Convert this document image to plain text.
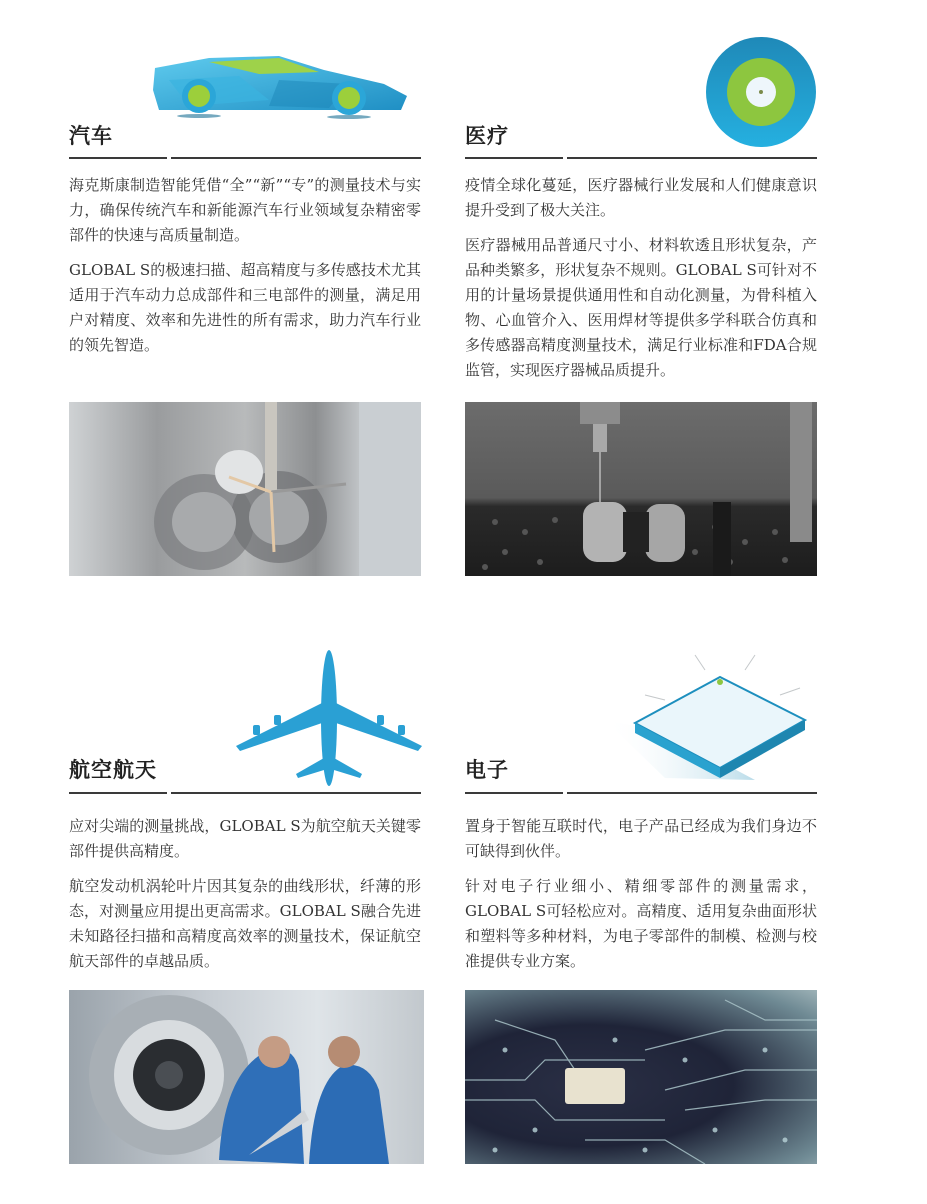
汽车

海克斯康制造智能凭借“全”“新”“专”的测量技术与实力，确保传统汽车和新能源汽车行业领域复杂精密零部件的快速与高质量制造。

GLOBAL S的极速扫描、超高精度与多传感技术尤其适用于汽车动力总成部件和三电部件的测量，满足用户对精度、效率和先进性的所有需求，助力汽车行业的领先智造。

医疗

疫情全球化蔓延，医疗器械行业发展和人们健康意识提升受到了极大关注。

医疗器械用品普通尺寸小、材料软透且形状复杂，产品种类繁多，形状复杂不规则。GLOBAL S可针对不用的计量场景提供通用性和自动化测量，为骨科植入物、心血管介入、医用焊材等提供多学科联合仿真和多传感器高精度测量技术，满足行业标准和FDA合规监管，实现医疗器械品质提升。

航空航天

应对尖端的测量挑战，GLOBAL S为航空航天关键零部件提供高精度。

航空发动机涡轮叶片因其复杂的曲线形状，纤薄的形态，对测量应用提出更高需求。GLOBAL S融合先进未知路径扫描和高精度高效率的测量技术，保证航空航天部件的卓越品质。

电子

置身于智能互联时代，电子产品已经成为我们身边不可缺得到伙伴。

针对电子行业细小、精细零部件的测量需求，GLOBAL S可轻松应对。高精度、适用复杂曲面形状和塑料等多种材料，为电子零部件的制模、检测与校准提供专业方案。
